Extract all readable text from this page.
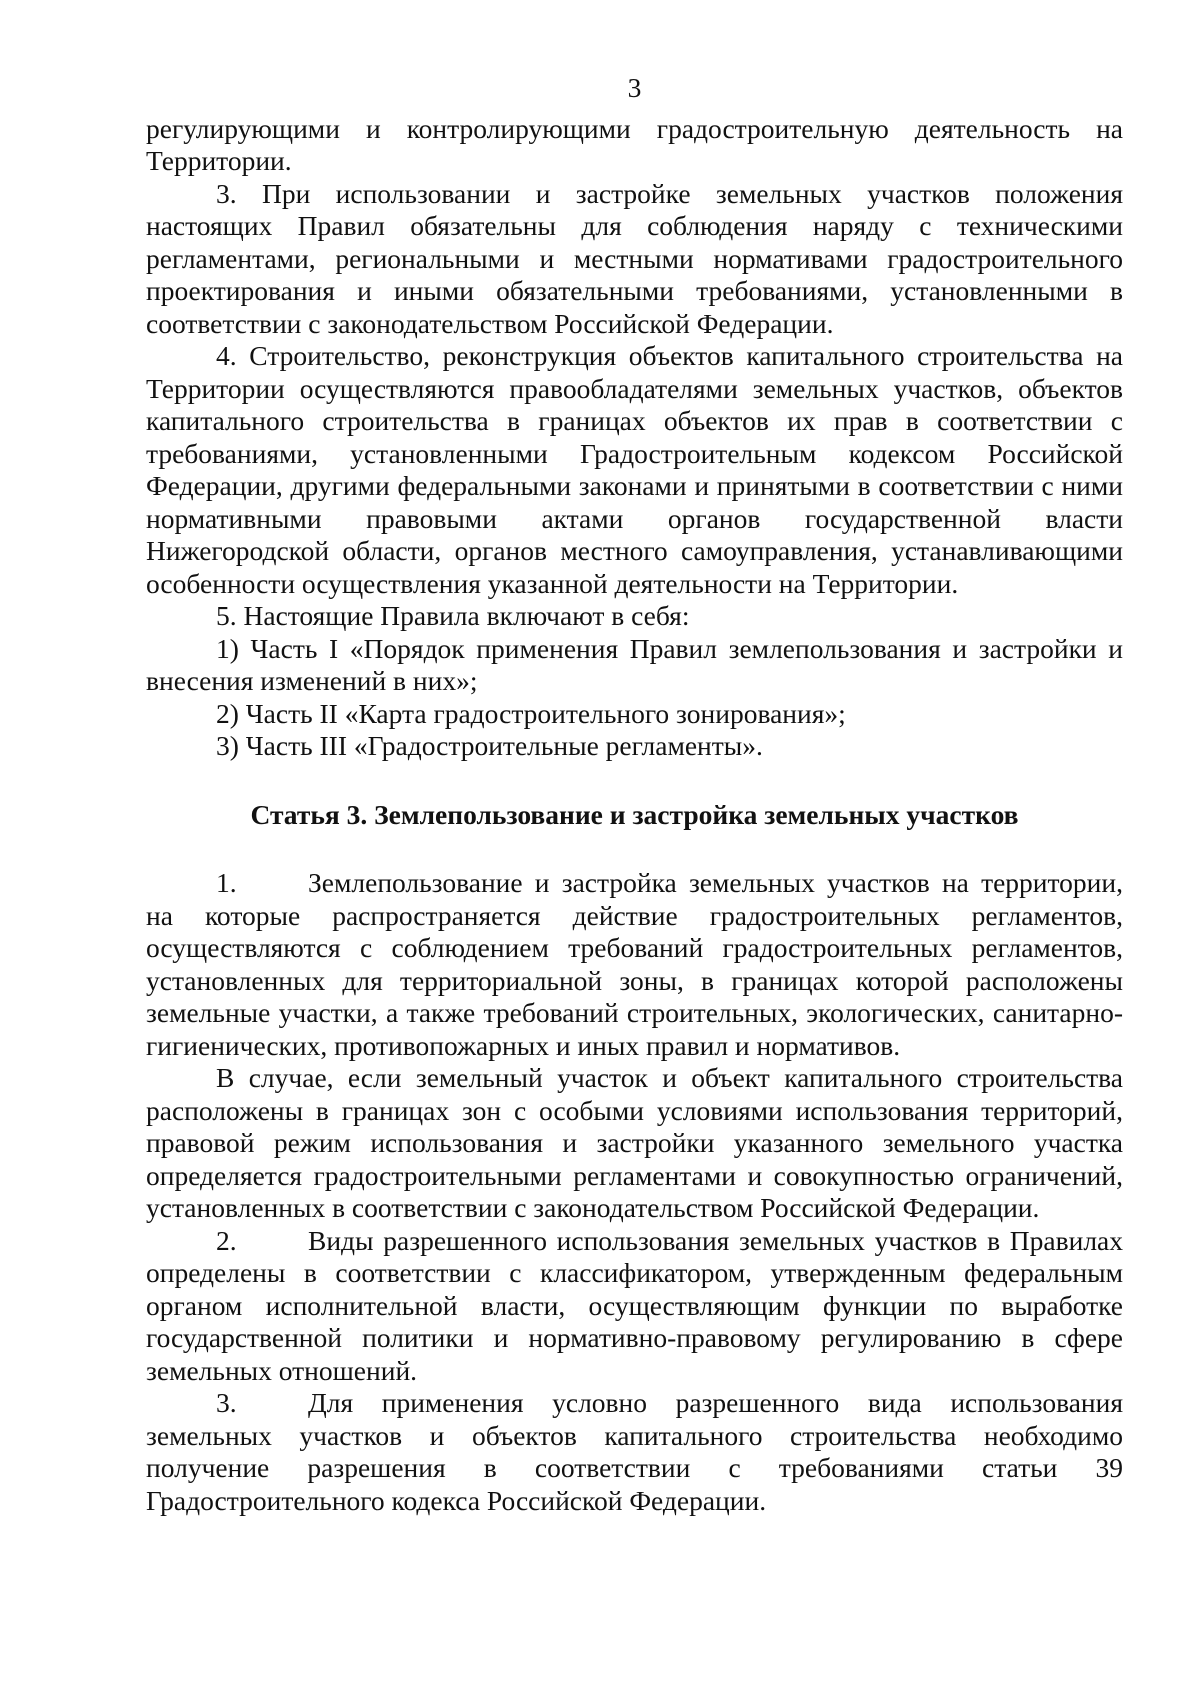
3

регулирующими и контролирующими градостроительную деятельность на Территории.

3. При использовании и застройке земельных участков положения настоящих Правил обязательны для соблюдения наряду с техническими регламентами, региональными и местными нормативами градостроительного проектирования и иными обязательными требованиями, установленными в соответствии с законодательством Российской Федерации.

4. Строительство, реконструкция объектов капитального строительства на Территории осуществляются правообладателями земельных участков, объектов капитального строительства в границах объектов их прав в соответствии с требованиями, установленными Градостроительным кодексом Российской Федерации, другими федеральными законами и принятыми в соответствии с ними нормативными правовыми актами органов государственной власти Нижегородской области, органов местного самоуправления, устанавливающими особенности осуществления указанной деятельности на Территории.

5. Настоящие Правила включают в себя:

1) Часть I «Порядок применения Правил землепользования и застройки и внесения изменений в них»;

2) Часть II «Карта градостроительного зонирования»;

3) Часть III «Градостроительные регламенты».

Статья 3. Землепользование и застройка земельных участков

1.	Землепользование и застройка земельных участков на территории, на которые распространяется действие градостроительных регламентов, осуществляются с соблюдением требований градостроительных регламентов, установленных для территориальной зоны, в границах которой расположены земельные участки, а также требований строительных, экологических, санитарно-гигиенических, противопожарных и иных правил и нормативов.

В случае, если земельный участок и объект капитального строительства расположены в границах зон с особыми условиями использования территорий, правовой режим использования и застройки указанного земельного участка определяется градостроительными регламентами и совокупностью ограничений, установленных в соответствии с законодательством Российской Федерации.

2.	Виды разрешенного использования земельных участков в Правилах определены в соответствии с классификатором, утвержденным федеральным органом исполнительной власти, осуществляющим функции по выработке государственной политики и нормативно-правовому регулированию в сфере земельных отношений.

3.	Для применения условно разрешенного вида использования земельных участков и объектов капитального строительства необходимо получение разрешения в соответствии с требованиями статьи 39 Градостроительного кодекса Российской Федерации.
